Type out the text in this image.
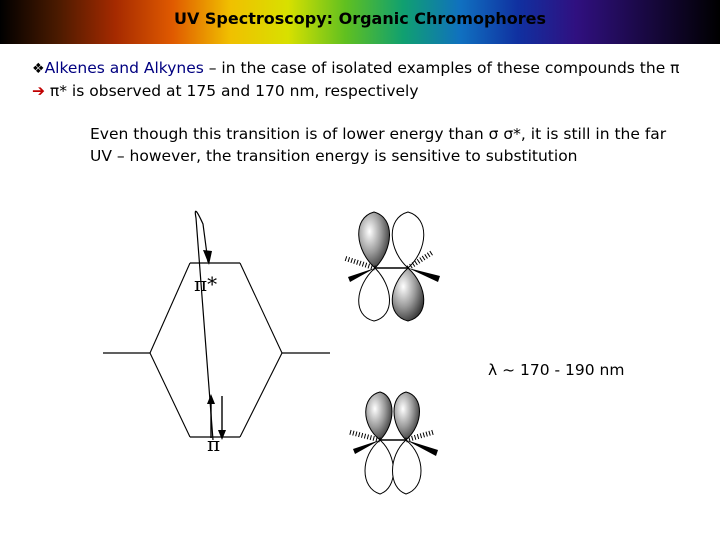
UV Spectroscopy: Organic Chromophores
❖Alkenes and Alkynes – in the case of isolated examples of these compounds the π
➔ π* is observed at 175 and 170 nm, respectively
Even though this transition is of lower energy than σ σ*, it is still in the far
UV – however, the transition energy is sensitive to substitution
π*
π
λ ~ 170 - 190 nm
